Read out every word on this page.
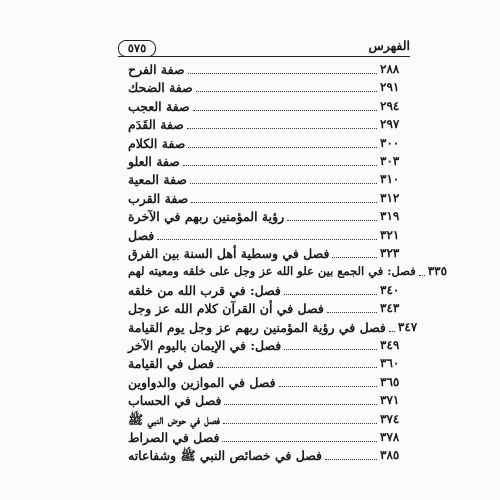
٥٧٥	الفهرس
صفة الفرح	٢٨٨
صفة الضحك	٢٩١
صفة العجب	٢٩٤
صفة القَدَم	٢٩٧
صفة الكلام	٣٠٠
صفة العلو	٣٠٣
صفة المعية	٣١٠
صفة القرب	٣١٢
رؤية المؤمنين ربهم في الآخرة	٣١٩
فصل	٣٢١
فصل في وسطية أهل السنة بين الفرق	٣٢٣
فصل: في الجمع بين علو الله عز وجل على خلقه ومعيته لهم ٣٣٥
فصل: في قرب الله من خلقه	٣٤٠
فصل في أن القرآن كلام الله عز وجل	٣٤٣
فصل في رؤية المؤمنين ربهم عز وجل يوم القيامة ٣٤٧
فصل: في الإيمان باليوم الآخر	٣٤٩
فصل في القيامة	٣٦٠
فصل في الموازين والدواوين	٣٦٥
فصل في الحساب	٣٧١
فصل في حوض النبي ﷺ	٣٧٤
فصل في الصراط	٣٧٨
فصل في خصائص النبي ﷺ وشفاعاته	٣٨٥
